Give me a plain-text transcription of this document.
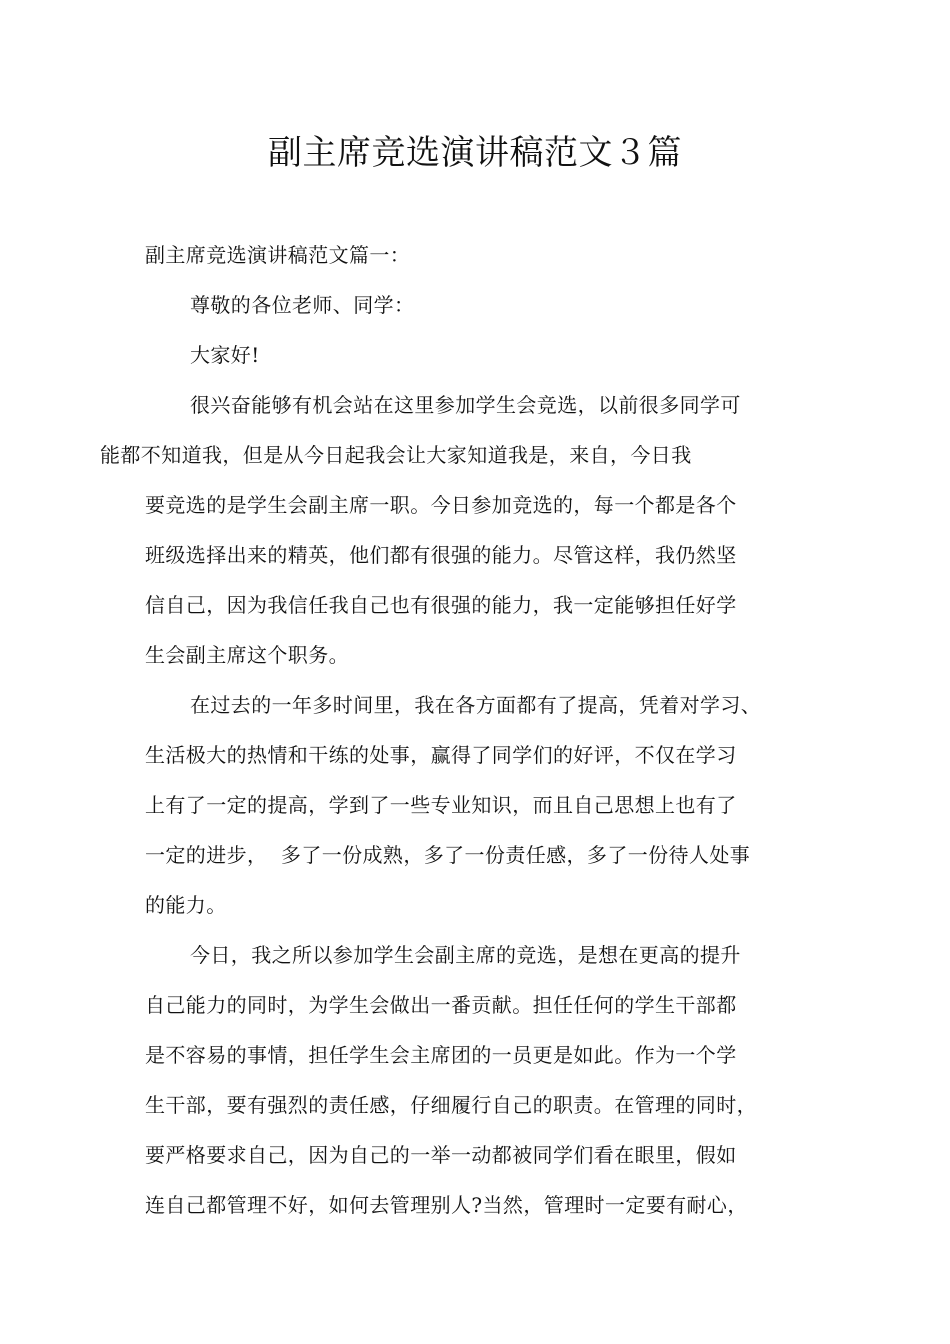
副主席竞选演讲稿范文３篇

副主席竞选演讲稿范文篇一：

尊敬的各位老师、同学：

大家好!

很兴奋能够有机会站在这里参加学生会竞选，以前很多同学可
能都不知道我，但是从今日起我会让大家知道我是，来自，今日我
要竞选的是学生会副主席一职。今日参加竞选的，每一个都是各个
班级选择出来的精英，他们都有很强的能力。尽管这样，我仍然坚
信自己，因为我信任我自己也有很强的能力，我一定能够担任好学
生会副主席这个职务。

在过去的一年多时间里，我在各方面都有了提高，凭着对学习、
生活极大的热情和干练的处事，赢得了同学们的好评，不仅在学习
上有了一定的提高，学到了一些专业知识，而且自己思想上也有了
一定的进步，  多了一份成熟，多了一份责任感，多了一份待人处事
的能力。

今日，我之所以参加学生会副主席的竞选，是想在更高的提升
自己能力的同时，为学生会做出一番贡献。担任任何的学生干部都
是不容易的事情，担任学生会主席团的一员更是如此。作为一个学
生干部，要有强烈的责任感，仔细履行自己的职责。在管理的同时，
要严格要求自己，因为自己的一举一动都被同学们看在眼里，假如
连自己都管理不好，如何去管理别人?当然，管理时一定要有耐心，
